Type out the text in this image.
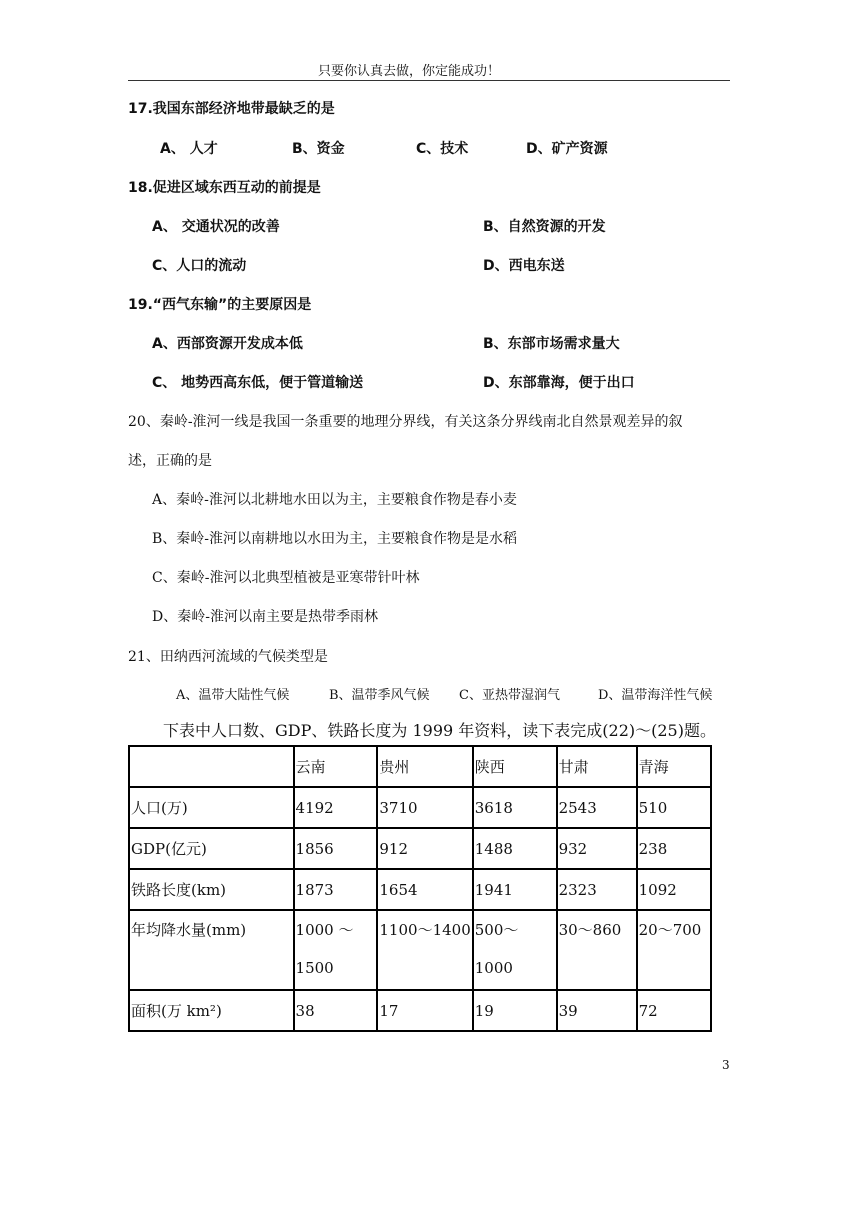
只要你认真去做，你定能成功！
17.我国东部经济地带最缺乏的是
A、 人才	B、资金	C、技术	D、矿产资源
18.促进区域东西互动的前提是
A、 交通状况的改善	B、自然资源的开发
C、人口的流动	D、西电东送
19.“西气东输”的主要原因是
A、西部资源开发成本低	B、东部市场需求量大
C、 地势西高东低，便于管道输送	D、东部靠海，便于出口
20、秦岭-淮河一线是我国一条重要的地理分界线，有关这条分界线南北自然景观差异的叙
述，正确的是
A、秦岭-淮河以北耕地水田以为主，主要粮食作物是春小麦
B、秦岭-淮河以南耕地以水田为主，主要粮食作物是是水稻
C、秦岭-淮河以北典型植被是亚寒带针叶林
D、秦岭-淮河以南主要是热带季雨林
21、田纳西河流域的气候类型是
A、温带大陆性气候	B、温带季风气候 C、亚热带湿润气	D、温带海洋性气候
下表中人口数、GDP、铁路长度为 1999 年资料，读下表完成(22)～(25)题。
	云南	贵州	陕西	甘肃	青海
人口(万)	4192	3710	3618	2543	510
GDP(亿元)	1856	912	1488	932	238
铁路长度(km)	1873	1654	1941	2323	1092
年均降水量(mm)	1000 ～1500	1100～1400	500～1000	30～860	20～700
面积(万 km²)	38	17	19	39	72
3
